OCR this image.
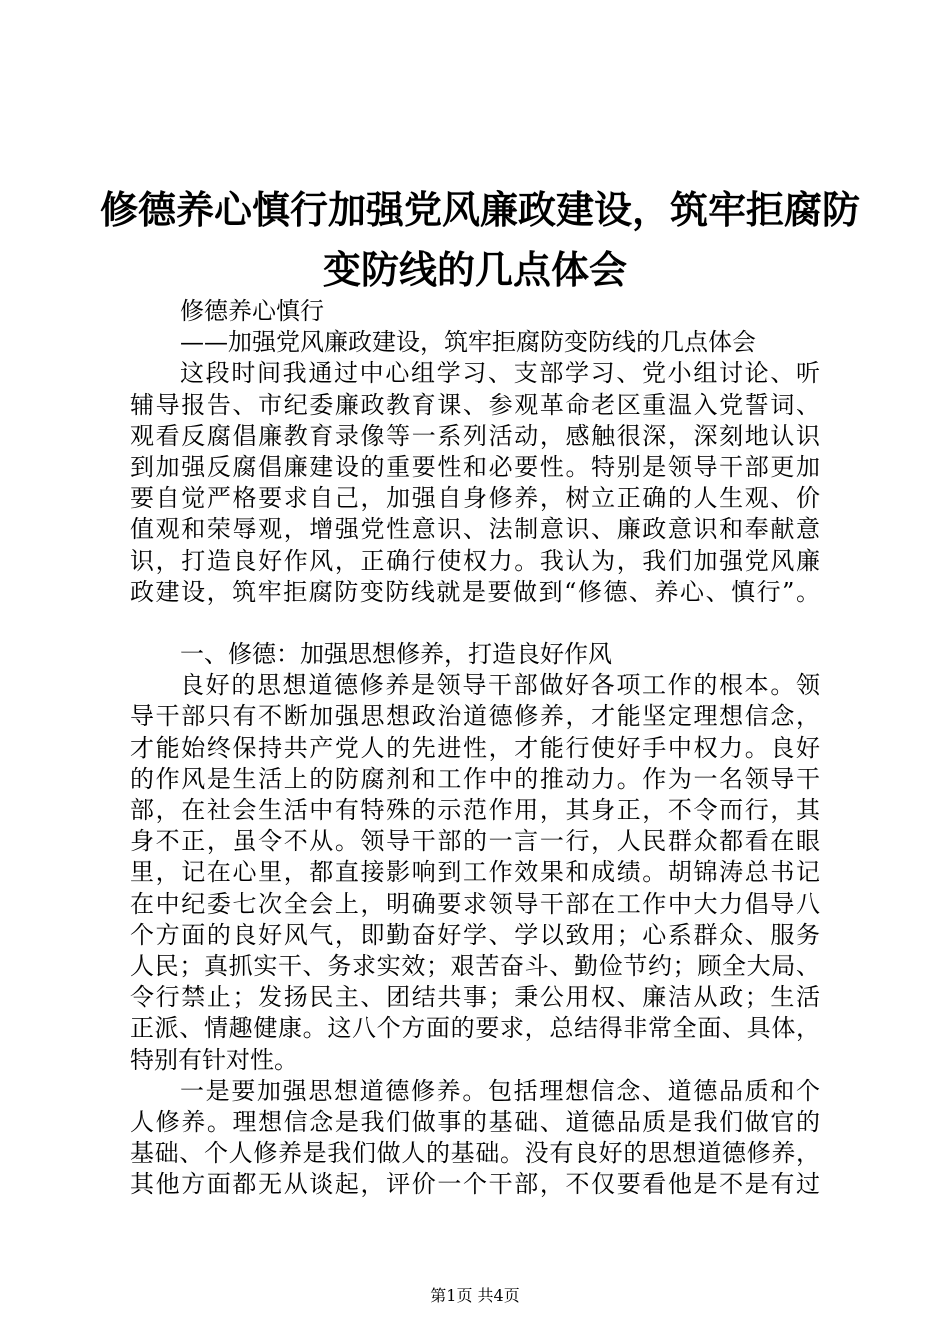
修德养心慎行加强党风廉政建设，筑牢拒腐防
变防线的几点体会
修德养心慎行
——加强党风廉政建设，筑牢拒腐防变防线的几点体会
这段时间我通过中心组学习、支部学习、党小组讨论、听
辅导报告、市纪委廉政教育课、参观革命老区重温入党誓词、
观看反腐倡廉教育录像等一系列活动，感触很深，深刻地认识
到加强反腐倡廉建设的重要性和必要性。特别是领导干部更加
要自觉严格要求自己，加强自身修养，树立正确的人生观、价
值观和荣辱观，增强党性意识、法制意识、廉政意识和奉献意
识，打造良好作风，正确行使权力。我认为，我们加强党风廉
政建设，筑牢拒腐防变防线就是要做到“修德、养心、慎行”。
一、修德：加强思想修养，打造良好作风
良好的思想道德修养是领导干部做好各项工作的根本。领
导干部只有不断加强思想政治道德修养，才能坚定理想信念，
才能始终保持共产党人的先进性，才能行使好手中权力。良好
的作风是生活上的防腐剂和工作中的推动力。作为一名领导干
部，在社会生活中有特殊的示范作用，其身正，不令而行，其
身不正，虽令不从。领导干部的一言一行，人民群众都看在眼
里，记在心里，都直接影响到工作效果和成绩。胡锦涛总书记
在中纪委七次全会上，明确要求领导干部在工作中大力倡导八
个方面的良好风气，即勤奋好学、学以致用；心系群众、服务
人民；真抓实干、务求实效；艰苦奋斗、勤俭节约；顾全大局、
令行禁止；发扬民主、团结共事；秉公用权、廉洁从政；生活
正派、情趣健康。这八个方面的要求，总结得非常全面、具体，
特别有针对性。
一是要加强思想道德修养。包括理想信念、道德品质和个
人修养。理想信念是我们做事的基础、道德品质是我们做官的
基础、个人修养是我们做人的基础。没有良好的思想道德修养，
其他方面都无从谈起，评价一个干部，不仅要看他是不是有过
第1页 共4页
